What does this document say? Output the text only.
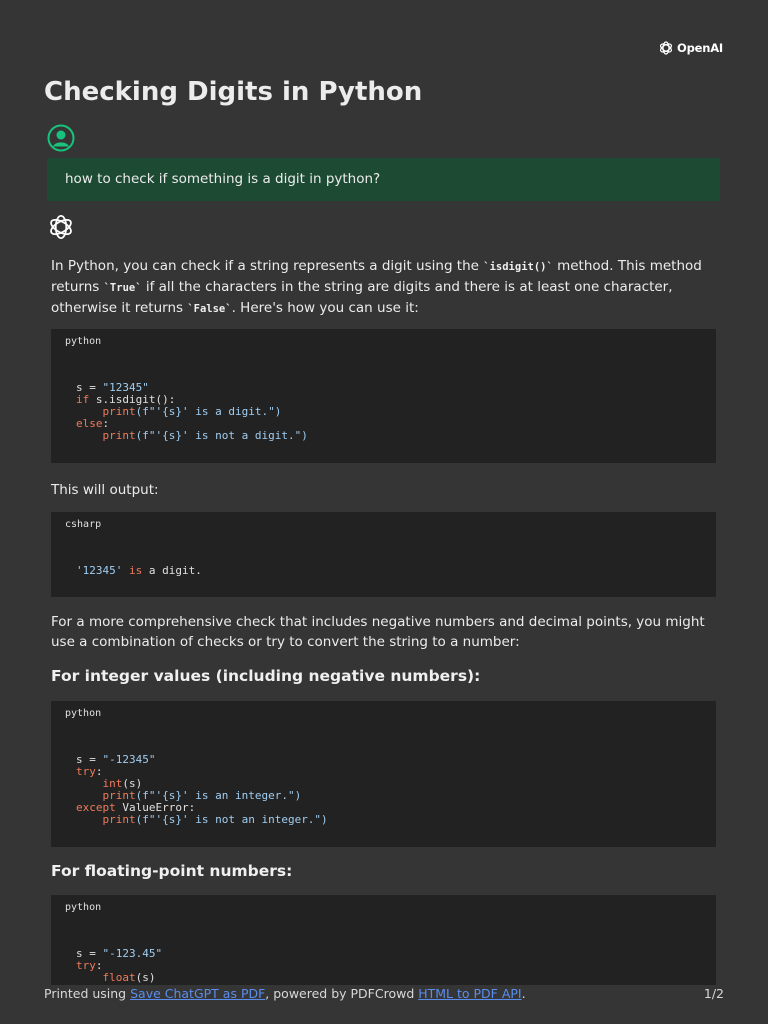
OpenAI
Checking Digits in Python
how to check if something is a digit in python?

In Python, you can check if a string represents a digit using the `isdigit()` method. This method returns `True` if all the characters in the string are digits and there is at least one character, otherwise it returns `False`. Here's how you can use it:

python
s = "12345"
if s.isdigit():
print(f"'{s}' is a digit.")
else:
print(f"'{s}' is not a digit.")

This will output:

csharp
'12345' is a digit.

For a more comprehensive check that includes negative numbers and decimal points, you might use a combination of checks or try to convert the string to a number:

For integer values (including negative numbers):
python
s = "-12345"
try:
int(s)
print(f"'{s}' is an integer.")
except ValueError:
print(f"'{s}' is not an integer.")
For floating-point numbers:
python
s = "-123.45"
try:
float(s)
Printed using Save ChatGPT as PDF, powered by PDFCrowd HTML to PDF API.	1/2
